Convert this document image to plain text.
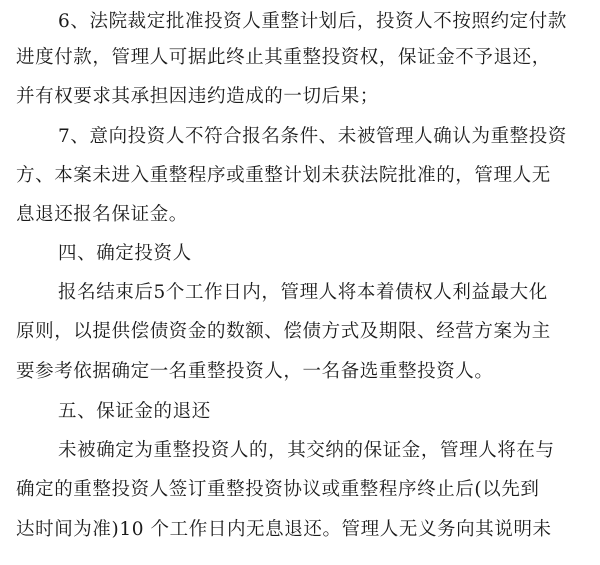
6、法院裁定批准投资人重整计划后，投资人不按照约定付款
进度付款，管理人可据此终止其重整投资权，保证金不予退还，
并有权要求其承担因违约造成的一切后果；
7、意向投资人不符合报名条件、未被管理人确认为重整投资
方、本案未进入重整程序或重整计划未获法院批准的，管理人无
息退还报名保证金。
四、确定投资人
报名结束后5个工作日内，管理人将本着债权人利益最大化
原则，以提供偿债资金的数额、偿债方式及期限、经营方案为主
要参考依据确定一名重整投资人，一名备选重整投资人。
五、保证金的退还
未被确定为重整投资人的，其交纳的保证金，管理人将在与
确定的重整投资人签订重整投资协议或重整程序终止后(以先到
达时间为准)10 个工作日内无息退还。管理人无义务向其说明未
